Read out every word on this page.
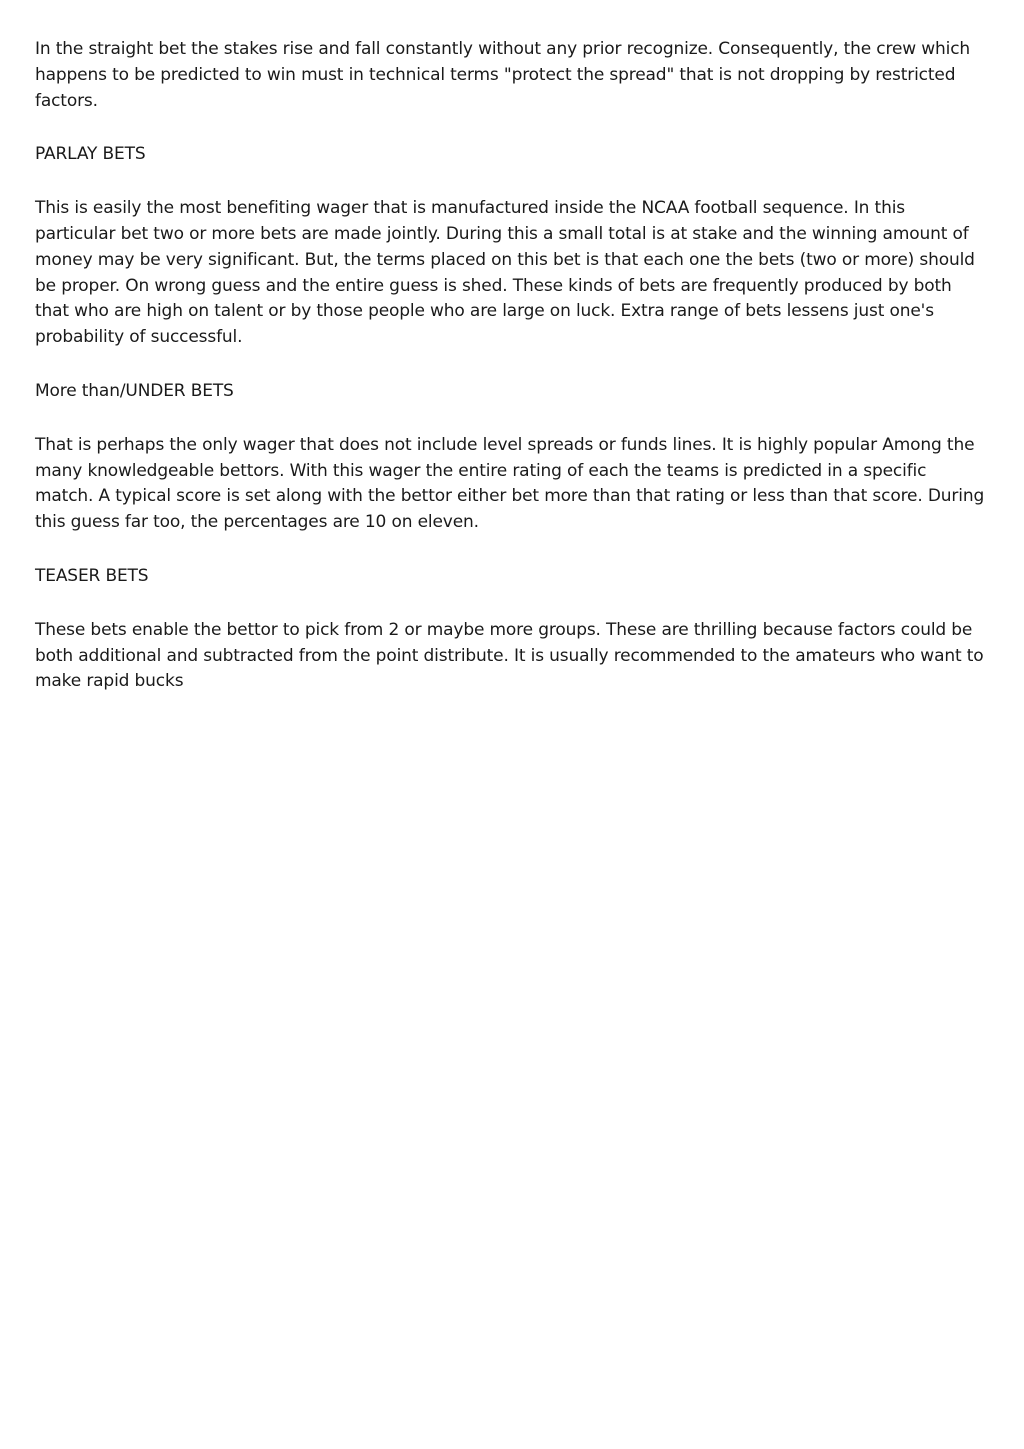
In the straight bet the stakes rise and fall constantly without any prior recognize. Consequently, the crew which happens to be predicted to win must in technical terms "protect the spread" that is not dropping by restricted factors.

PARLAY BETS

This is easily the most benefiting wager that is manufactured inside the NCAA football sequence. In this particular bet two or more bets are made jointly. During this a small total is at stake and the winning amount of money may be very significant. But, the terms placed on this bet is that each one the bets (two or more) should be proper. On wrong guess and the entire guess is shed. These kinds of bets are frequently produced by both that who are high on talent or by those people who are large on luck. Extra range of bets lessens just one's probability of successful.

More than/UNDER BETS

That is perhaps the only wager that does not include level spreads or funds lines. It is highly popular Among the many knowledgeable bettors. With this wager the entire rating of each the teams is predicted in a specific match. A typical score is set along with the bettor either bet more than that rating or less than that score. During this guess far too, the percentages are 10 on eleven.

TEASER BETS

These bets enable the bettor to pick from 2 or maybe more groups. These are thrilling because factors could be both additional and subtracted from the point distribute. It is usually recommended to the amateurs who want to make rapid bucks
